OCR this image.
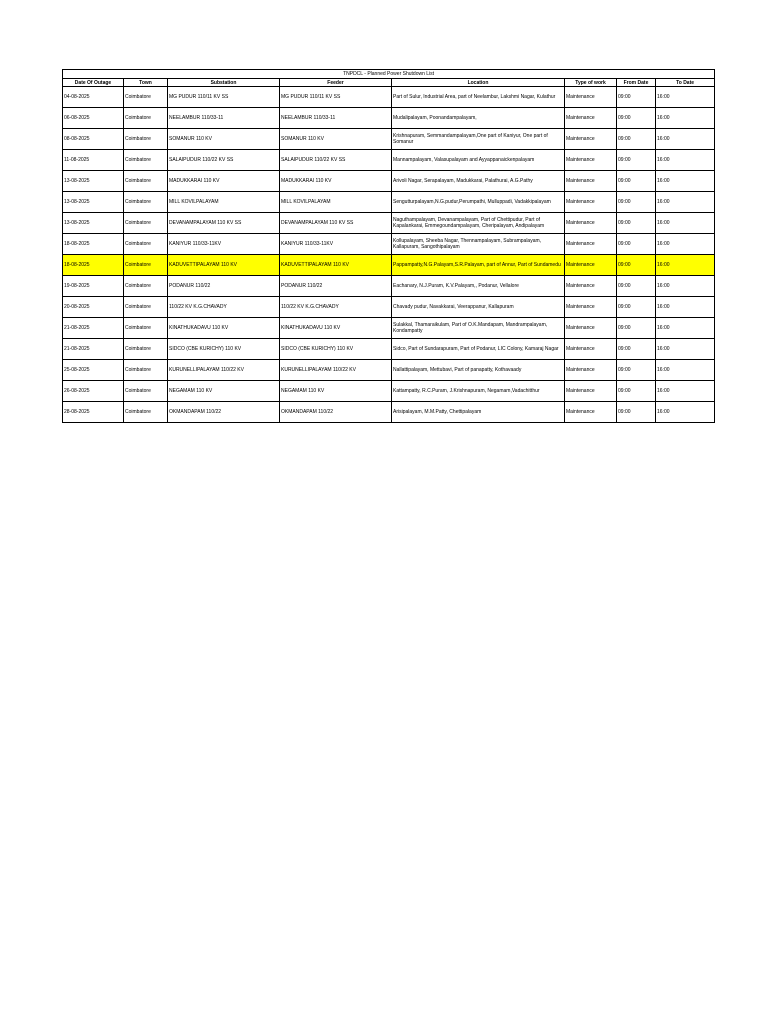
TNPDCL - Planned Power Shutdown List							
Date Of Outage	Town	Substation	Feeder	Location	Type of work	From Date	To Date
04-08-2025	Coimbatore	MG PUDUR 110/11 KV SS	MG PUDUR 110/11 KV SS	Part of Sulur, Industrial Area, part of Neelambur, Lakshmi Nagar, Kulathur	Maintenance	09:00	16:00
06-08-2025	Coimbatore	NEELAMBUR 110/33-11	NEELAMBUR 110/33-11	Mudalipalayam, Poonandampalayam,	Maintenance	09:00	16:00
08-08-2025	Coimbatore	SOMANUR 110 KV	SOMANUR 110 KV	Krishnapuram, Semmandampalayam,One part of Kaniyur, One part of Somanur	Maintenance	09:00	16:00
11-08-2025	Coimbatore	SALAIPUDUR 110/22 KV SS	SALAIPUDUR 110/22 KV SS	Mannampalayam, Valasupalayam and Ayyappanaickenpalayam	Maintenance	09:00	16:00
13-08-2025	Coimbatore	MADUKKARAI 110 KV	MADUKKARAI 110 KV	Arivoli Nagar, Serapalayam, Madukkarai, Palathurai, A.G.Pathy	Maintenance	09:00	16:00
13-08-2025	Coimbatore	MILL KOVILPALAYAM	MILL KOVILPALAYAM	Sengutturpalayam,N.G.pudur,Perumpathi, Mulluppadi, Vadakkipalayam	Maintenance	09:00	16:00
13-08-2025	Coimbatore	DEVANAMPALAYAM 110 KV SS	DEVANAMPALAYAM 110 KV SS	Naguthampalayam, Devanampalayam, Part of Chettipudur, Part of Kapalankarai, Emmegoundampalayam, Cheripalayam, Andipalayam	Maintenance	09:00	16:00
18-08-2025	Coimbatore	KANIYUR 110/33-11KV	KANIYUR 110/33-11KV	Kollupalayam, Sheeba Nagar, Thennampalayam, Subrampalayam, Kallapuram, Sangothipalayam	Maintenance	09:00	16:00
18-08-2025	Coimbatore	KADUVETTIPALAYAM 110 KV	KADUVETTIPALAYAM 110 KV	Pappampatty,N.G.Palayam,S.R.Palayam, part of Annur, Part of Sundamedu	Maintenance	09:00	16:00
19-08-2025	Coimbatore	PODANUR 110/22	PODANUR 110/22	Eachanary, N.J.Puram, K.V.Palayam,, Podanur, Vellalore	Maintenance	09:00	16:00
20-08-2025	Coimbatore	110/22 KV K.G.CHAVADY	110/22 KV K.G.CHAVADY	Chavady pudur, Navakkarai, Veerappanur, Kallapuram	Maintenance	09:00	16:00
21-08-2025	Coimbatore	KINATHUKADAVU 110 KV	KINATHUKADAVU 110 KV	Sulakkal, Thamaraikulam, Part of O.K.Mandapam, Mandrampalayam, Kondampatty	Maintenance	09:00	16:00
21-08-2025	Coimbatore	SIDCO (CBE KURICHY) 110 KV	SIDCO (CBE KURICHY) 110 KV	Sidco, Part of Sundarapuram, Part of Podanur, LIC Colony, Kamaraj Nagar	Maintenance	09:00	16:00
25-08-2025	Coimbatore	KURUNELLIPALAYAM 110/22 KV	KURUNELLIPALAYAM 110/22 KV	Nallattipalayam, Mettubavi, Part of panapatty, Kothavaady	Maintenance	09:00	16:00
26-08-2025	Coimbatore	NEGAMAM 110 KV	NEGAMAM 110 KV	Kattampatty, R.C.Puram, J.Krishnapuram, Negamam,Vadachitthur	Maintenance	09:00	16:00
28-08-2025	Coimbatore	OKMANDAPAM 110/22	OKMANDAPAM 110/22	Arisipalayam, M.M.Patty, Chettipalayam	Maintenance	09:00	16:00
